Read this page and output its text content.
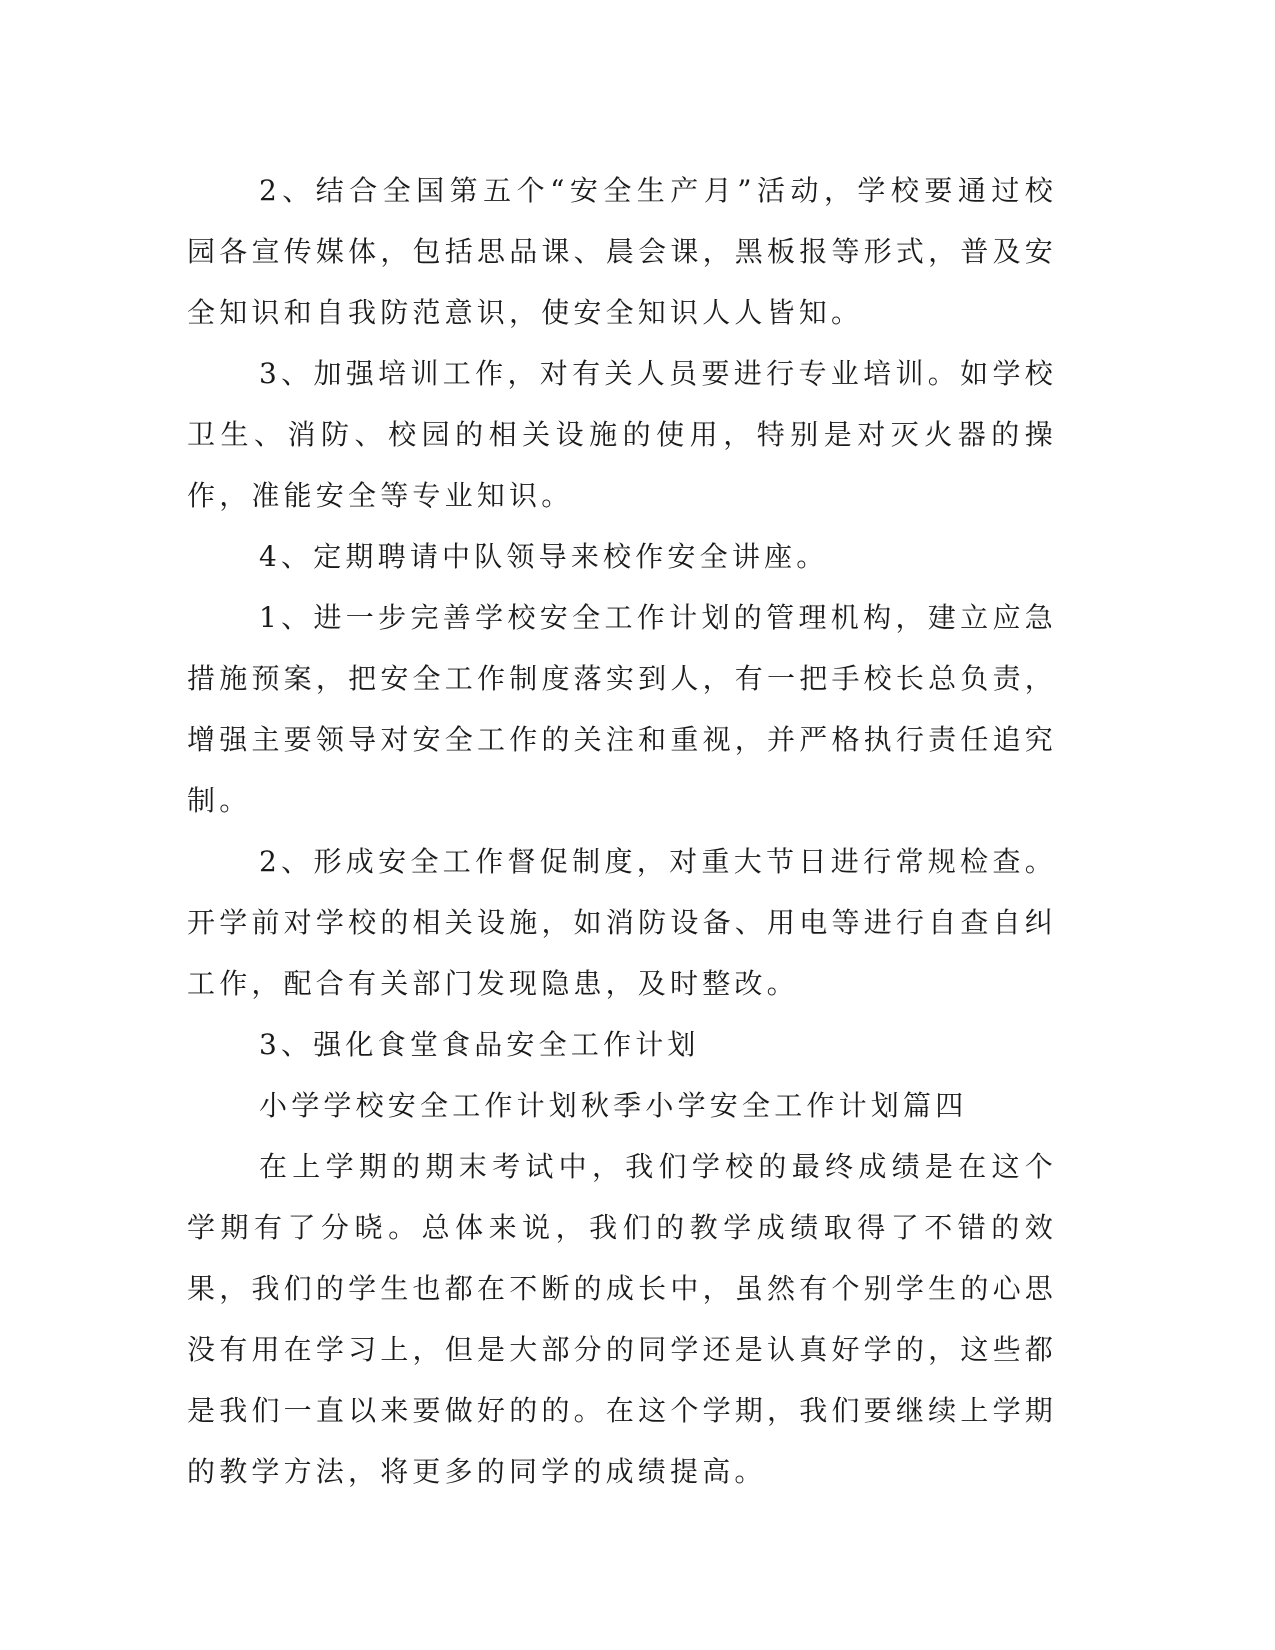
2、结合全国第五个“安全生产月”活动，学校要通过校园各宣传媒体，包括思品课、晨会课，黑板报等形式，普及安全知识和自我防范意识，使安全知识人人皆知。

3、加强培训工作，对有关人员要进行专业培训。如学校卫生、消防、校园的相关设施的使用，特别是对灭火器的操作，准能安全等专业知识。

4、定期聘请中队领导来校作安全讲座。

1、进一步完善学校安全工作计划的管理机构，建立应急措施预案，把安全工作制度落实到人，有一把手校长总负责，增强主要领导对安全工作的关注和重视，并严格执行责任追究制。

2、形成安全工作督促制度，对重大节日进行常规检查。开学前对学校的相关设施，如消防设备、用电等进行自查自纠工作，配合有关部门发现隐患，及时整改。

3、强化食堂食品安全工作计划

小学学校安全工作计划秋季小学安全工作计划篇四

在上学期的期末考试中，我们学校的最终成绩是在这个学期有了分晓。总体来说，我们的教学成绩取得了不错的效果，我们的学生也都在不断的成长中，虽然有个别学生的心思没有用在学习上，但是大部分的同学还是认真好学的，这些都是我们一直以来要做好的的。在这个学期，我们要继续上学期的教学方法，将更多的同学的成绩提高。
